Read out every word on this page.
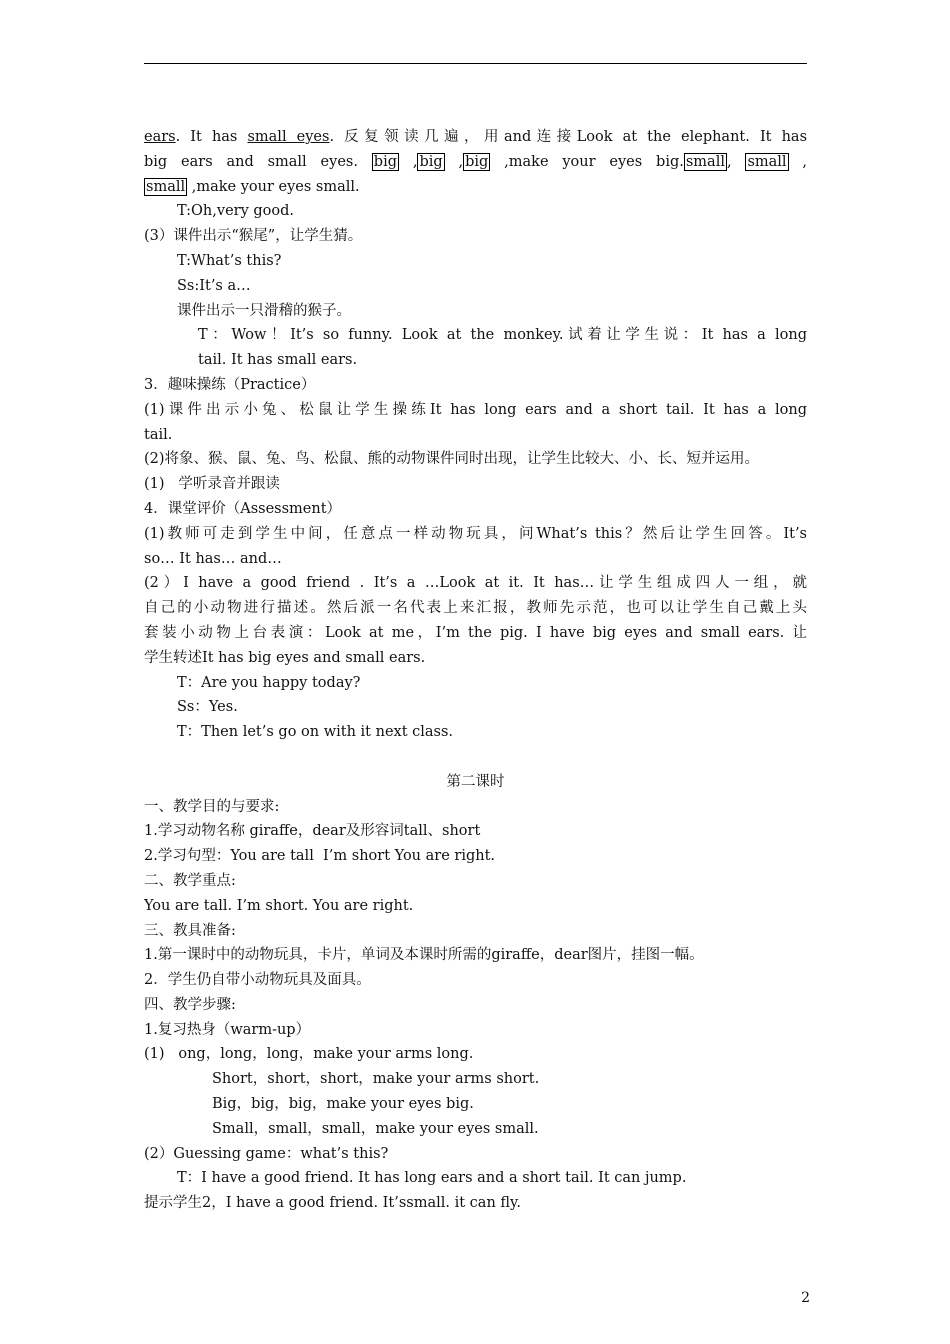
ears. It has small eyes. 反复领读几遍，用and连接Look at the elephant. It has
big ears and small eyes. big , big , big ,make your eyes big. small , small ,
small ,make your eyes small.
T:Oh,very good.
(3）课件出示“猴尾”，让学生猜。
T:What’s this?
Ss:It’s a…
课件出示一只滑稽的猴子。
T：Wow！It’s so funny. Look at the monkey.试着让学生说：It has a long
tail. It has small ears.
3．趣味操练（Practice）
(1)课件出示小兔、松鼠让学生操练It has long ears and a short tail. It has a long
tail.
(2)将象、猴、鼠、兔、鸟、松鼠、熊的动物课件同时出现，让学生比较大、小、长、短并运用。
(1)   学听录音并跟读
4．课堂评价（Assessment）
(1)教师可走到学生中间，任意点一样动物玩具，问What’s this？然后让学生回答。It’s
so… It has… and…
(2）I have a good friend . It’s a …Look at it. It has…让学生组成四人一组，就
自己的小动物进行描述。然后派一名代表上来汇报，教师先示范，也可以让学生自己戴上头
套装小动物上台表演：Look at me，I’m the pig. I have big eyes and small ears. 让
学生转述It has big eyes and small ears.
T：Are you happy today?
Ss：Yes.
T：Then let’s go on with it next class.
第二课时
一、教学目的与要求:
1.学习动物名称 giraffe，dear及形容词tall、short
2.学习句型：You are tall  I’m short You are right.
二、教学重点:
You are tall. I’m short. You are right.
三、教具准备:
1.第一课时中的动物玩具，卡片，单词及本课时所需的giraffe，dear图片，挂图一幅。
2．学生仍自带小动物玩具及面具。
四、教学步骤:
1.复习热身（warm-up）
(1)   ong，long，long，make your arms long.
Short，short，short，make your arms short.
Big，big，big，make your eyes big.
Small，small，small，make your eyes small.
(2）Guessing game：what’s this?
T：I have a good friend. It has long ears and a short tail. It can jump.
提示学生2，I have a good friend. It’ssmall. it can fly.
2
